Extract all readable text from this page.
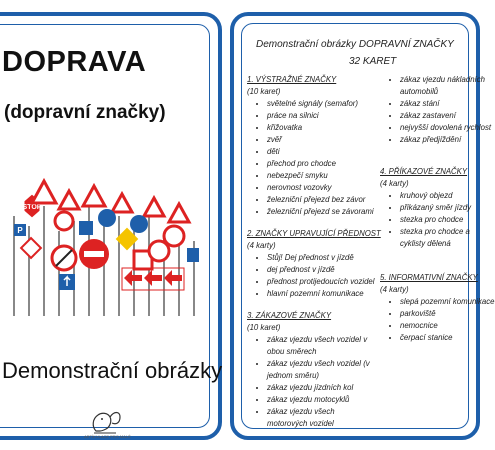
DOPRAVA
(dopravní značky)
STOP
P
Demonstrační obrázky
ARTÍKULACE PRO MALÉ
Demonstrační obrázky DOPRAVNÍ ZNAČKY
32 KARET
1. VÝSTRAŽNÉ ZNAČKY
(10 karet)
• světelné signály (semafor)
• práce na silnici
• křižovatka
• zvěř
• děti
• přechod pro chodce
• nebezpečí smyku
• nerovnost vozovky
• železniční přejezd bez závor
• železniční přejezd se závorami
2. ZNAČKY UPRAVUJÍCÍ PŘEDNOST
(4 karty)
• Stůj! Dej přednost v jízdě
• dej přednost v jízdě
• přednost protijedoucích vozidel
• hlavní pozemní komunikace
3. ZÁKAZOVÉ ZNAČKY
(10 karet)
• zákaz vjezdu všech vozidel v obou směrech
• zákaz vjezdu všech vozidel (v jednom směru)
• zákaz vjezdu jízdních kol
• zákaz vjezdu motocyklů
• zákaz vjezdu všech motorových vozidel
• zákaz vjezdu nákladních automobilů
• zákaz stání
• zákaz zastavení
• nejvyšší dovolená rychlost
• zákaz předjíždění
4. PŘÍKAZOVÉ ZNAČKY
(4 karty)
• kruhový objezd
• přikázaný směr jízdy
• stezka pro chodce
• stezka pro chodce a cyklisty dělená
5. INFORMATIVNÍ ZNAČKY
(4 karty)
• slepá pozemní komunikace
• parkoviště
• nemocnice
• čerpací stanice
